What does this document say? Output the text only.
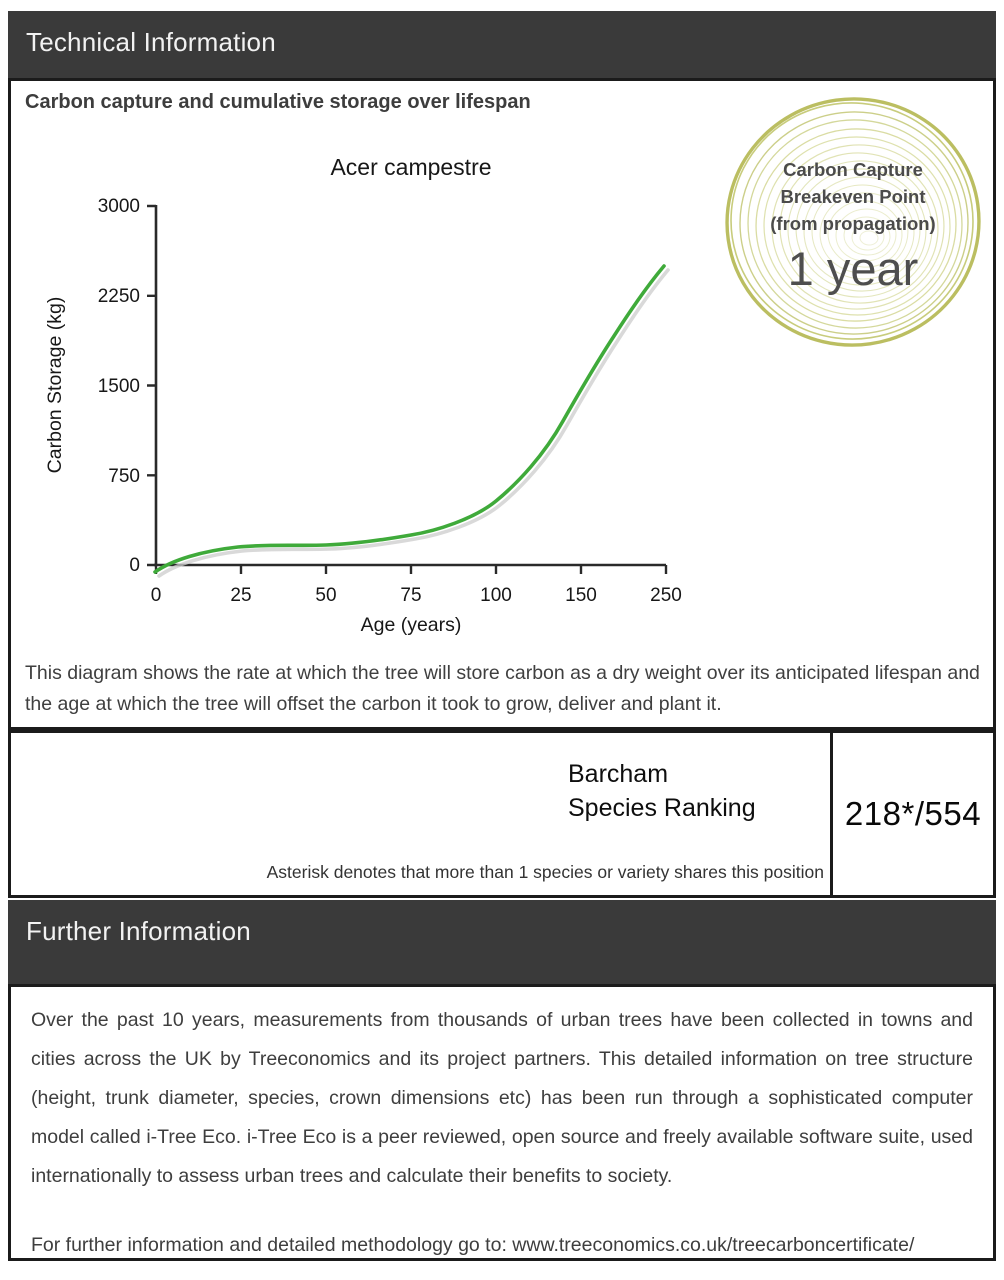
Technical Information
Carbon capture and cumulative storage over lifespan
Acer campestre
3000
2250
1500
750
0
0	25	50	75	100	150	250
Age (years)
Carbon Storage (kg)
Carbon Capture
Breakeven Point
(from propagation)
1 year

This diagram shows the rate at which the tree will store carbon as a dry weight over its anticipated lifespan and the age at which the tree will offset the carbon it took to grow, deliver and plant it.

Barcham
Species Ranking
Asterisk denotes that more than 1 species or variety shares this position
218*/554
Further Information

Over the past 10 years, measurements from thousands of urban trees have been collected in towns and cities across the UK by Treeconomics and its project partners. This detailed information on tree structure (height, trunk diameter, species, crown dimensions etc) has been run through a sophisticated computer model called i-Tree Eco. i-Tree Eco is a peer reviewed, open source and freely available software suite, used internationally to assess urban trees and calculate their benefits to society.

For further information and detailed methodology go to: www.treeconomics.co.uk/treecarboncertificate/
